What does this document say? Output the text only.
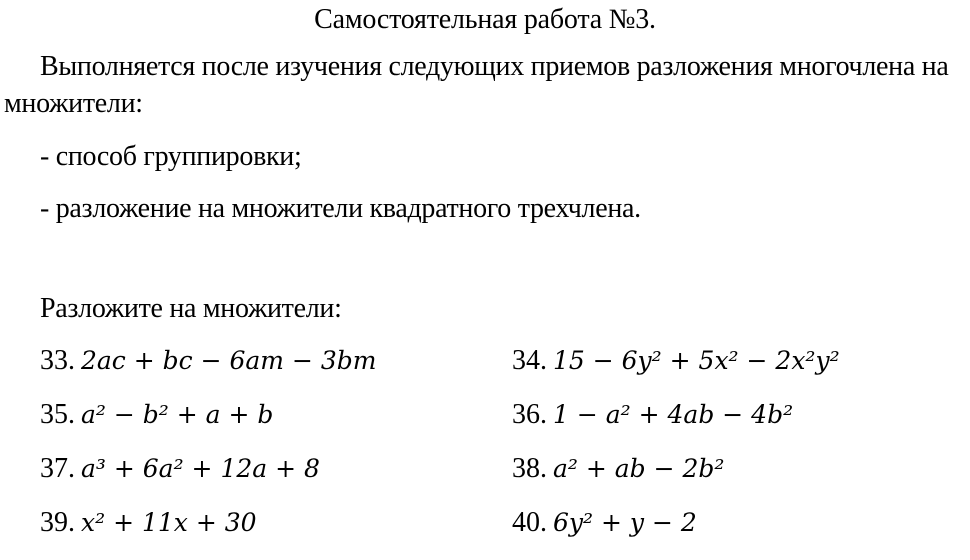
Самостоятельная работа №3.
Выполняется после изучения следующих приемов разложения многочлена на множители:
- способ группировки;
- разложение на множители квадратного трехчлена.
Разложите на множители:
33. 2ac + bc − 6am − 3bm	34. 15 − 6y² + 5x² − 2x²y²
35. a² − b² + a + b	36. 1 − a² + 4ab − 4b²
37. a³ + 6a² + 12a + 8	38. a² + ab − 2b²
39. x² + 11x + 30	40. 6y² + y − 2
